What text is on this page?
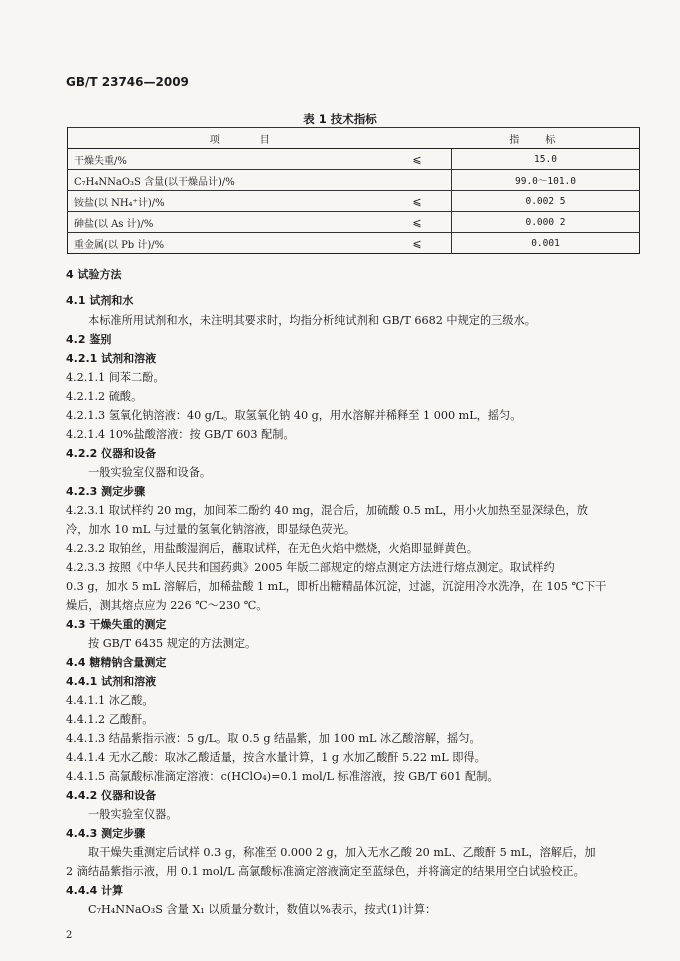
GB/T 23746—2009
表 1 技术指标
项目		指标
干燥失重/%	⩽	15.0
C₇H₄NNaO₃S 含量(以干燥品计)/%		99.0～101.0
铵盐(以 NH₄⁺计)/%	⩽	0.002 5
砷盐(以 As 计)/%	⩽	0.000 2
重金属(以 Pb 计)/%	⩽	0.001
4 试验方法
4.1 试剂和水
本标准所用试剂和水，未注明其要求时，均指分析纯试剂和 GB/T 6682 中规定的三级水。
4.2 鉴别
4.2.1 试剂和溶液
4.2.1.1 间苯二酚。
4.2.1.2 硫酸。
4.2.1.3 氢氧化钠溶液：40 g/L。取氢氧化钠 40 g，用水溶解并稀释至 1 000 mL，摇匀。
4.2.1.4 10%盐酸溶液：按 GB/T 603 配制。
4.2.2 仪器和设备
一般实验室仪器和设备。
4.2.3 测定步骤
4.2.3.1 取试样约 20 mg，加间苯二酚约 40 mg，混合后，加硫酸 0.5 mL，用小火加热至显深绿色，放
冷，加水 10 mL 与过量的氢氧化钠溶液，即显绿色荧光。
4.2.3.2 取铂丝，用盐酸湿润后，蘸取试样，在无色火焰中燃烧，火焰即显鲜黄色。
4.2.3.3 按照《中华人民共和国药典》2005 年版二部规定的熔点测定方法进行熔点测定。取试样约
0.3 g，加水 5 mL 溶解后，加稀盐酸 1 mL，即析出糖精晶体沉淀，过滤，沉淀用冷水洗净，在 105 ℃下干
燥后，测其熔点应为 226 ℃～230 ℃。
4.3 干燥失重的测定
按 GB/T 6435 规定的方法测定。
4.4 糖精钠含量测定
4.4.1 试剂和溶液
4.4.1.1 冰乙酸。
4.4.1.2 乙酸酐。
4.4.1.3 结晶紫指示液：5 g/L。取 0.5 g 结晶紫，加 100 mL 冰乙酸溶解，摇匀。
4.4.1.4 无水乙酸：取冰乙酸适量，按含水量计算，1 g 水加乙酸酐 5.22 mL 即得。
4.4.1.5 高氯酸标准滴定溶液：c(HClO₄)=0.1 mol/L 标准溶液，按 GB/T 601 配制。
4.4.2 仪器和设备
一般实验室仪器。
4.4.3 测定步骤
取干燥失重测定后试样 0.3 g，称准至 0.000 2 g，加入无水乙酸 20 mL、乙酸酐 5 mL，溶解后，加
2 滴结晶紫指示液，用 0.1 mol/L 高氯酸标准滴定溶液滴定至蓝绿色，并将滴定的结果用空白试验校正。
4.4.4 计算
C₇H₄NNaO₃S 含量 X₁ 以质量分数计，数值以%表示，按式(1)计算：
2
